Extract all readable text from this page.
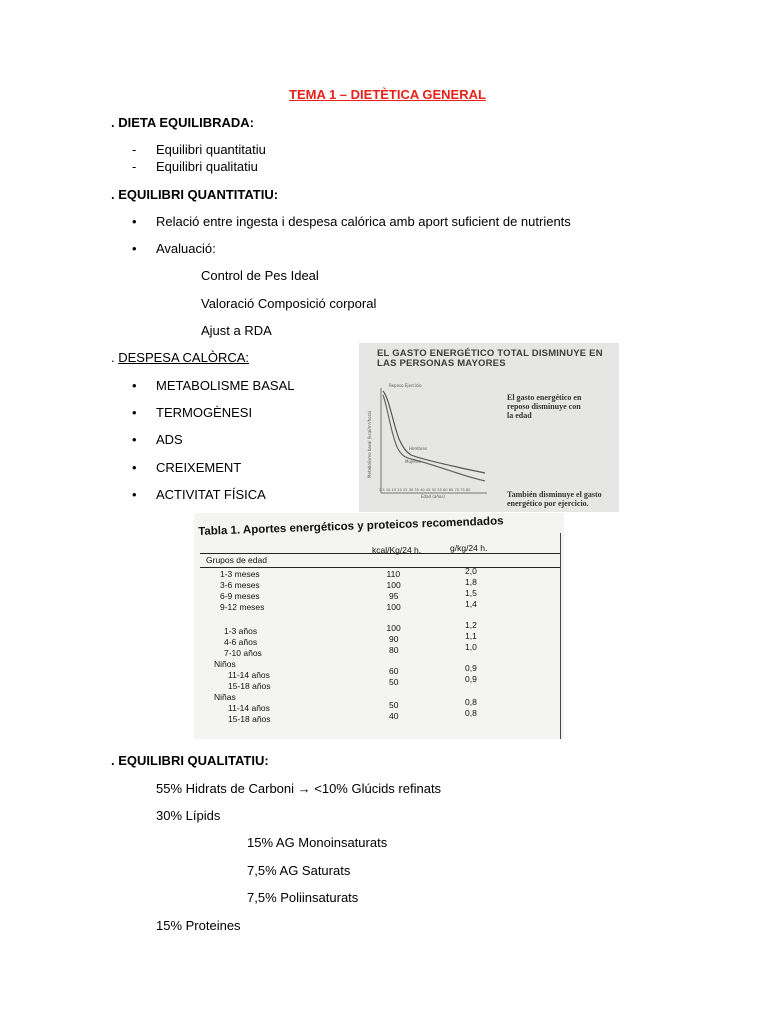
TEMA 1 – DIETÈTICA GENERAL
. DIETA EQUILIBRADA:
- Equilibri quantitatiu
- Equilibri qualitatiu
. EQUILIBRI QUANTITATIU:
• Relació entre ingesta i despesa calórica amb aport suficient de nutrients
• Avaluació:
Control de Pes Ideal
Valoració Composició corporal
Ajust a RDA
. DESPESA CALÒRCA:
• METABOLISME BASAL
• TERMOGÈNESI
• ADS
• CREIXEMENT
• ACTIVITAT FÍSICA
EL GASTO ENERGÉTICO TOTAL DISMINUYE EN
LAS PERSONAS MAYORES
Reposo Ejercicio
Metabolismo basal (kcal/m²/hora)
0 5 10 15 20 25 30 35 40 45 50 55 60 65 70 75 80
Edad (años)
Hombres
Mujeres
El gasto energético en
reposo disminuye con
la edad
También disminuye el gasto
energético por ejercicio.
Tabla 1. Aportes energéticos y proteicos recomendados
Grupos de edad
kcal/Kg/24 h.	g/kg/24 h.
1-3 meses	110	2,0
3-6 meses	100	1,8
6-9 meses	95	1,5
9-12 meses	100	1,4
1-3 años	100	1,2
4-6 años	90	1,1
7-10 años	80	1,0
Niños
11-14 años	60	0,9
15-18 años	50	0,9
Niñas
11-14 años	50	0,8
15-18 años	40	0,8
. EQUILIBRI QUALITATIU:
55% Hidrats de Carboni → <10% Glúcids refinats
30% Lípids
15% AG Monoinsaturats
7,5% AG Saturats
7,5% Poliinsaturats
15% Proteines
